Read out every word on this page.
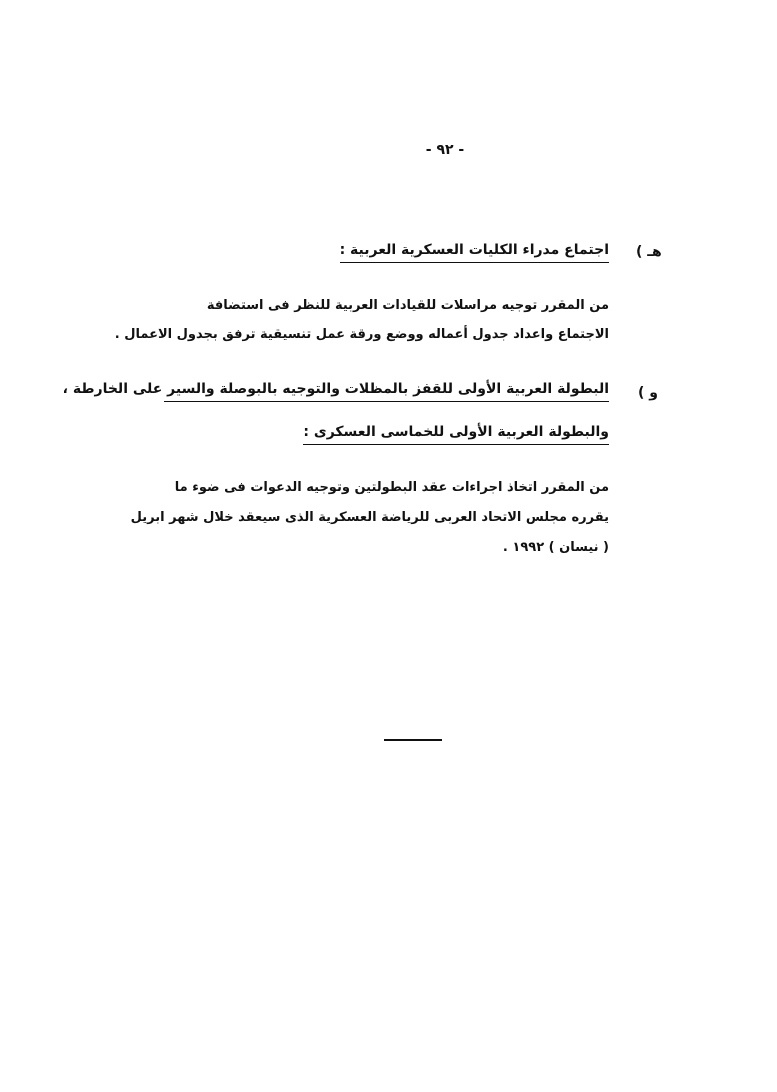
- ٩٢ -
هـ )
اجتماع مدراء الكليات العسكرية العربية :
من المقرر توجيه مراسلات للقيادات العربية للنظر فى استضافة
الاجتماع واعداد جدول أعماله ووضع ورقة عمل تنسيقية ترفق بجدول الاعمال .
و )
البطولة العربية الأولى للقفز بالمظلات والتوجيه بالبوصلة والسير على الخارطة ،
والبطولة العربية الأولى للخماسى العسكرى :
من المقرر اتخاذ اجراءات عقد البطولتين وتوجيه الدعوات فى ضوء ما
يقرره مجلس الاتحاد العربى للرياضة العسكرية الذى سيعقد خلال شهر ابريل
( نيسان ) ١٩٩٢ .
